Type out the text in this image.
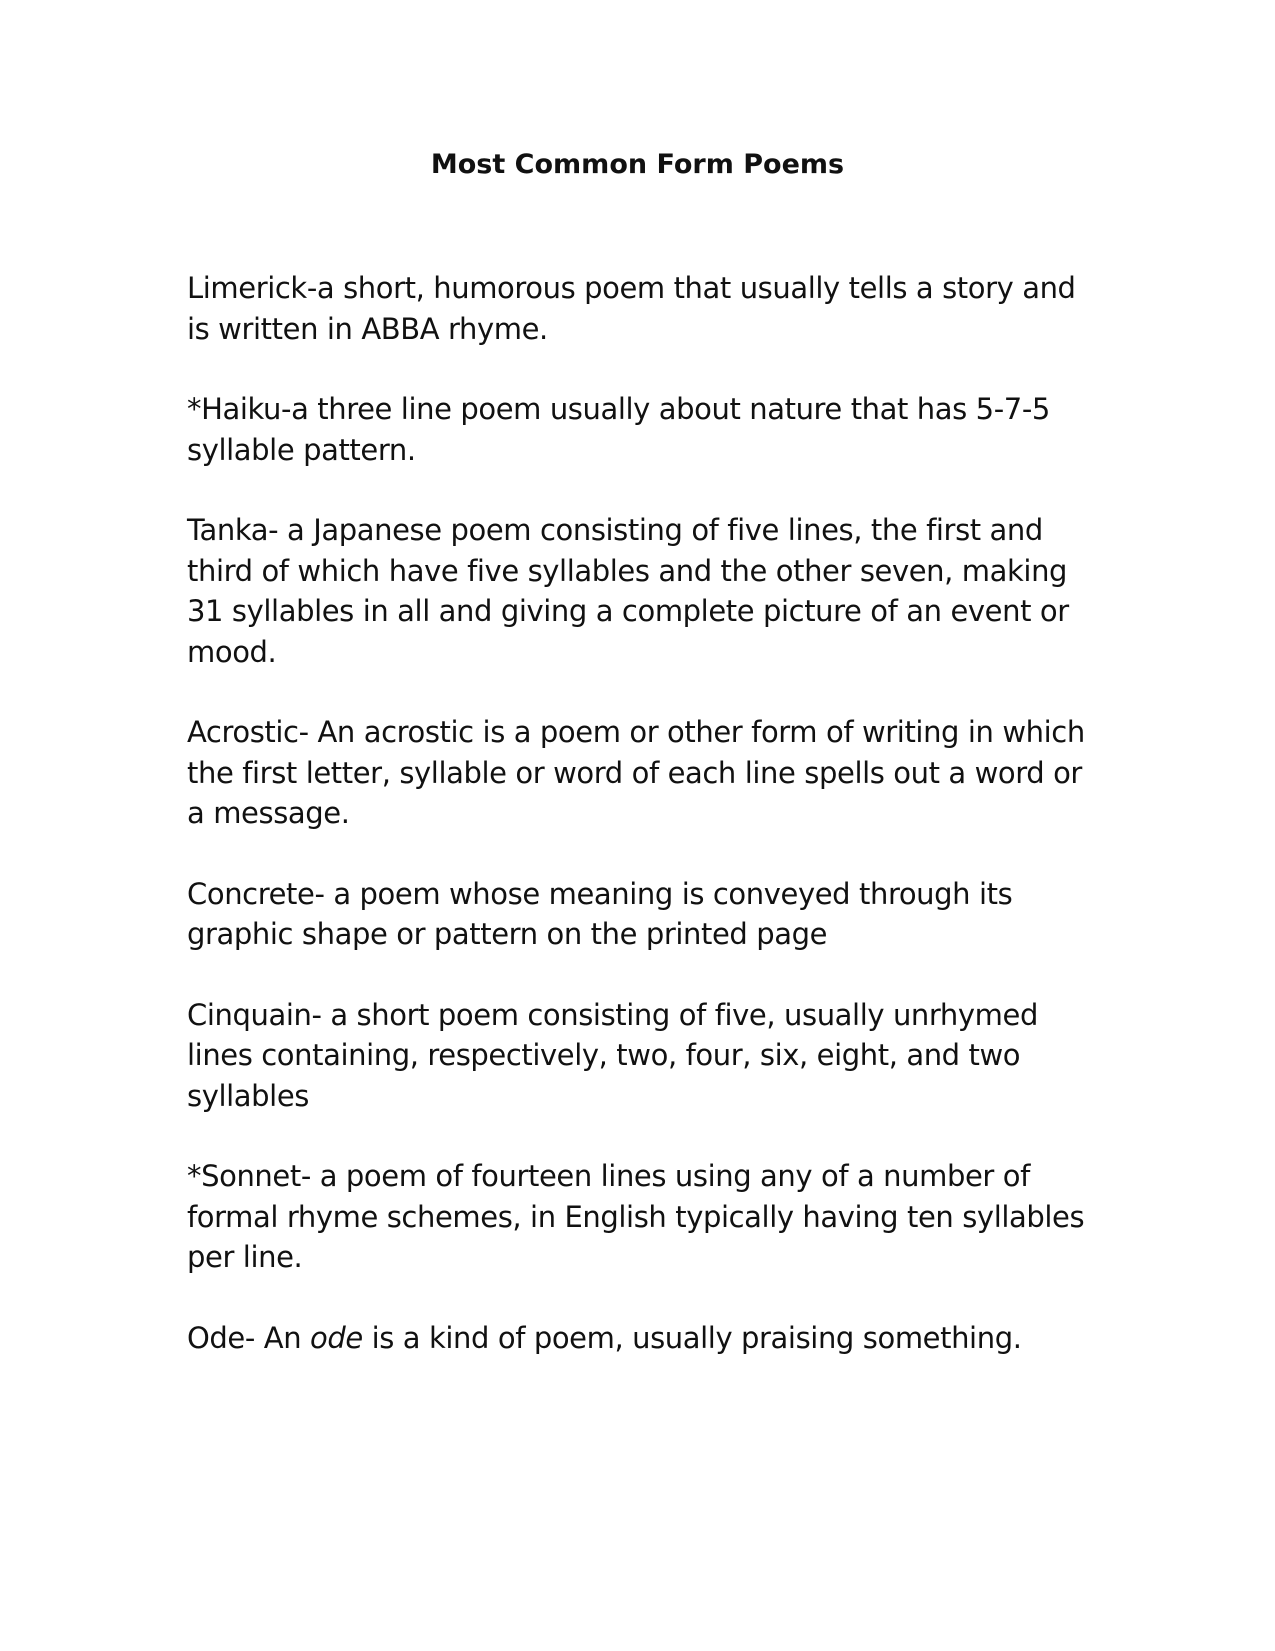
Most Common Form Poems

Limerick-a short, humorous poem that usually tells a story and is written in ABBA rhyme.

*Haiku-a three line poem usually about nature that has 5-7-5 syllable pattern.

Tanka- a Japanese poem consisting of five lines, the first and third of which have five syllables and the other seven, making 31 syllables in all and giving a complete picture of an event or mood.

Acrostic- An acrostic is a poem or other form of writing in which the first letter, syllable or word of each line spells out a word or a message.

Concrete- a poem whose meaning is conveyed through its graphic shape or pattern on the printed page

Cinquain- a short poem consisting of five, usually unrhymed lines containing, respectively, two, four, six, eight, and two syllables

*Sonnet- a poem of fourteen lines using any of a number of formal rhyme schemes, in English typically having ten syllables per line.

Ode- An ode is a kind of poem, usually praising something.
